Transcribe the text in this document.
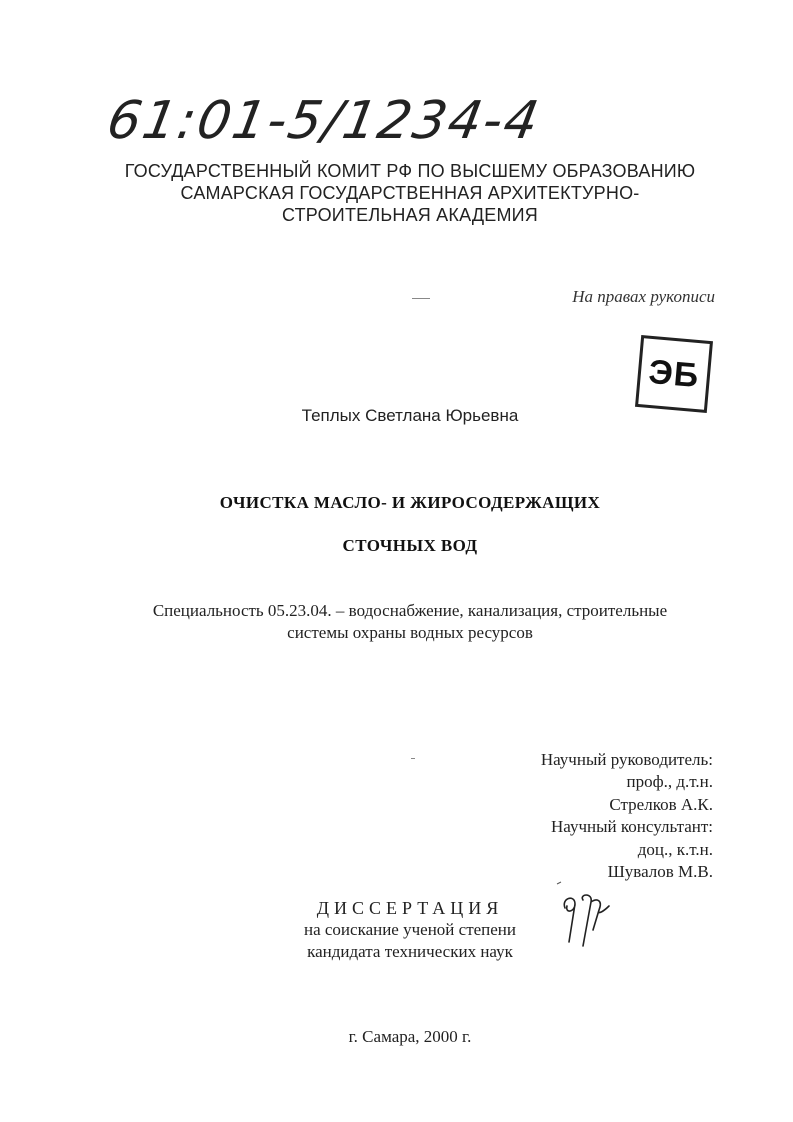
61:01-5/1234-4
ГОСУДАРСТВЕННЫЙ КОМИТ РФ ПО ВЫСШЕМУ ОБРАЗОВАНИЮ
САМАРСКАЯ ГОСУДАРСТВЕННАЯ АРХИТЕКТУРНО-
СТРОИТЕЛЬНАЯ АКАДЕМИЯ
На правах рукописи
ЭБ
Теплых Светлана Юрьевна
ОЧИСТКА МАСЛО- И ЖИРОСОДЕРЖАЩИХ
СТОЧНЫХ ВОД
Специальность 05.23.04. – водоснабжение, канализация, строительные
системы охраны водных ресурсов
Научный руководитель:
проф., д.т.н.
Стрелков А.К.
Научный консультант:
доц., к.т.н.
Шувалов М.В.
ДИССЕРТАЦИЯ
на соискание ученой степени
кандидата технических наук
г. Самара, 2000 г.
